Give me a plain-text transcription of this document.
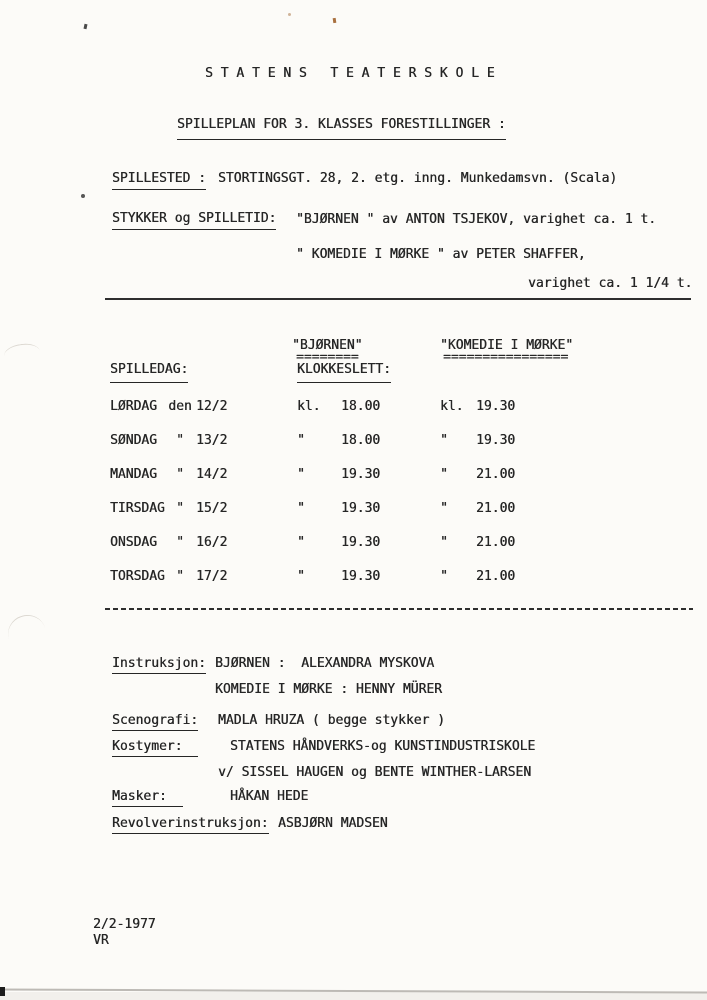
S T A T E N S   T E A T E R S K O L E
SPILLEPLAN FOR 3. KLASSES FORESTILLINGER :
SPILLESTED : STORTINGSGT. 28, 2. etg. inng. Munkedamsvn. (Scala)
STYKKER og SPILLETID: "BJØRNEN " av ANTON TSJEKOV, varighet ca. 1 t.
" KOMEDIE I MØRKE " av PETER SHAFFER,
varighet ca. 1 1/4 t.
"BJØRNEN"
========
"KOMEDIE I MØRKE"
================
SPILLEDAG:	KLOKKESLETT:
LØRDAG den 12/2	kl. 18.00	kl. 19.30
SØNDAG	" 13/2	"	18.00	" 19.30
MANDAG	" 14/2	"	19.30	" 21.00
TIRSDAG " 15/2	"	19.30	" 21.00
ONSDAG	" 16/2	"	19.30	" 21.00
TORSDAG " 17/2	"	19.30	" 21.00
Instruksjon: BJØRNEN :  ALEXANDRA MYSKOVA
KOMEDIE I MØRKE : HENNY MÜRER
Scenografi: MADLA HRUZA ( begge stykker )
Kostymer:	STATENS HÅNDVERKS-og KUNSTINDUSTRISKOLE
v/ SISSEL HAUGEN og BENTE WINTHER-LARSEN
Masker:	HÅKAN HEDE
Revolverinstruksjon: ASBJØRN MADSEN
2/2-1977
VR
